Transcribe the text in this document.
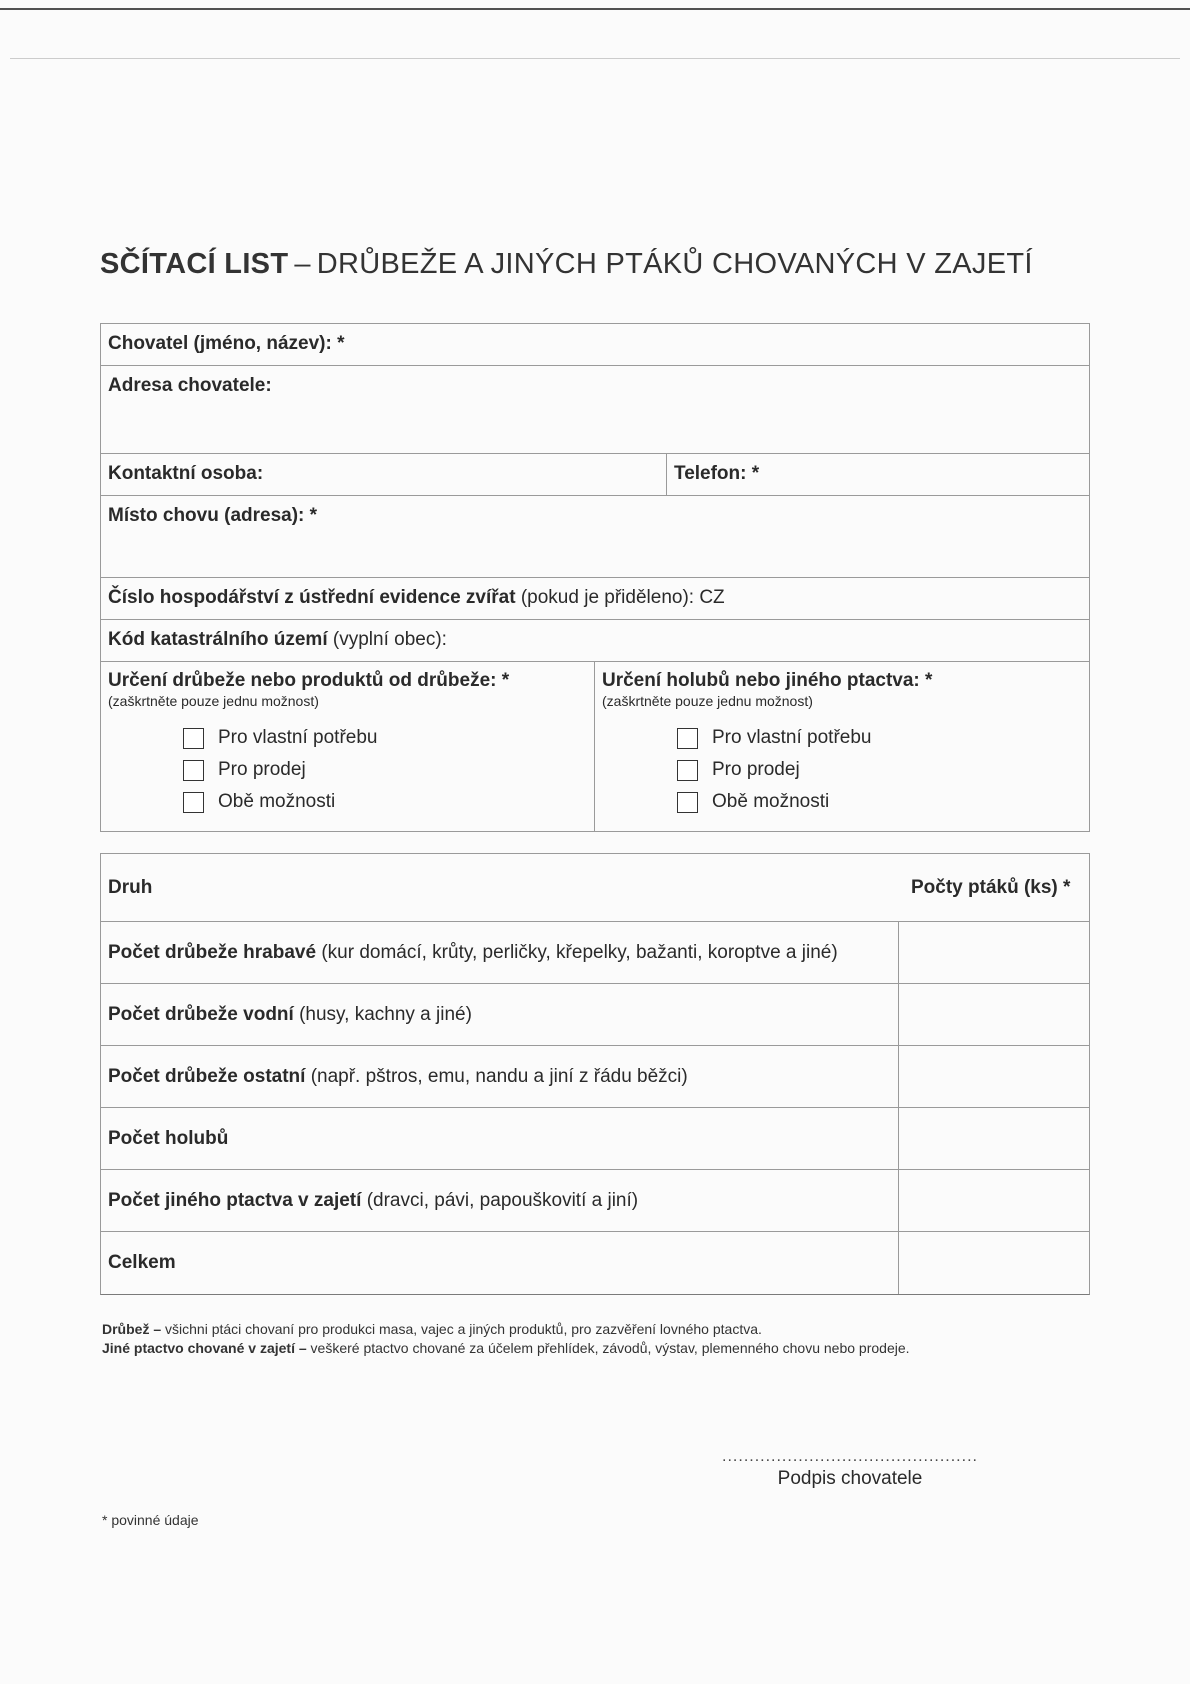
SČÍTACÍ LIST – DRŮBEŽE A JINÝCH PTÁKŮ CHOVANÝCH V ZAJETÍ
Chovatel (jméno, název): *
Adresa chovatele:
Kontaktní osoba:	Telefon: *
Místo chovu (adresa): *
Číslo hospodářství z ústřední evidence zvířat (pokud je přiděleno): CZ
Kód katastrálního území (vyplní obec):
Určení drůbeže nebo produktů od drůbeže: *
(zaškrtněte pouze jednu možnost)
Pro vlastní potřebu
Pro prodej
Obě možnosti
Určení holubů nebo jiného ptactva: *
(zaškrtněte pouze jednu možnost)
Pro vlastní potřebu
Pro prodej
Obě možnosti
Druh	Počty ptáků (ks) *
Počet drůbeže hrabavé
(kur domácí, krůty, perličky, křepelky, bažanti, koroptve a jiné)
Počet drůbeže vodní
(husy, kachny a jiné)
Počet drůbeže ostatní
(např. pštros, emu, nandu a jiní z řádu běžci)
Počet holubů
Počet jiného ptactva v zajetí
(dravci, pávi, papouškovití a jiní)
Celkem
Drůbež – všichni ptáci chovaní pro produkci masa, vajec a jiných produktů, pro zazvěření lovného ptactva.
Jiné ptactvo chované v zajetí – veškeré ptactvo chované za účelem přehlídek, závodů, výstav, plemenného chovu nebo prodeje.
...............................................
Podpis chovatele
* povinné údaje
